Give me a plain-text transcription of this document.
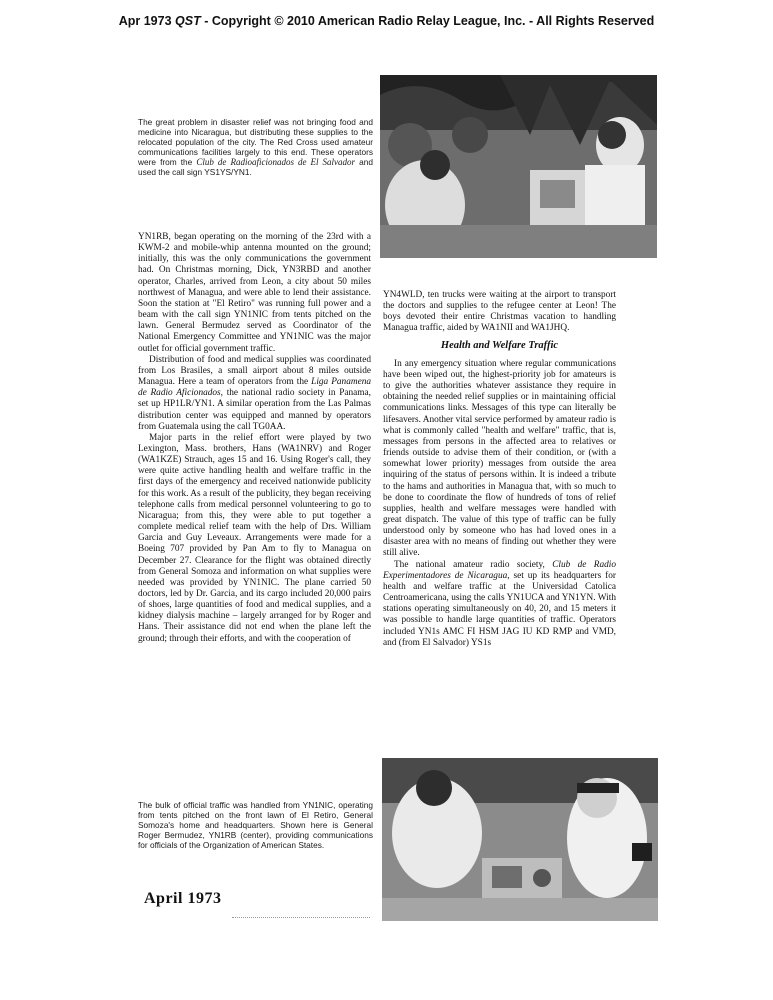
Apr 1973 QST - Copyright © 2010 American Radio Relay League, Inc. - All Rights Reserved

The great problem in disaster relief was not bringing food and medicine into Nicaragua, but distributing these supplies to the relocated population of the city. The Red Cross used amateur communications facilities largely to this end. These operators were from the Club de Radioaficionados de El Salvador and used the call sign YS1YS/YN1.

YN1RB, began operating on the morning of the 23rd with a KWM-2 and mobile-whip antenna mounted on the ground; initially, this was the only communications the government had. On Christmas morning, Dick, YN3RBD and another operator, Charles, arrived from Leon, a city about 50 miles northwest of Managua, and were able to lend their assistance. Soon the station at "El Retiro" was running full power and a beam with the call sign YN1NIC from tents pitched on the lawn. General Bermudez served as Coordinator of the National Emergency Committee and YN1NIC was the major outlet for official government traffic.

Distribution of food and medical supplies was coordinated from Los Brasiles, a small airport about 8 miles outside Managua. Here a team of operators from the Liga Panamena de Radio Aficionados, the national radio society in Panama, set up HP1LR/YN1. A similar operation from the Las Palmas distribution center was equipped and manned by operators from Guatemala using the call TG0AA.

Major parts in the relief effort were played by two Lexington, Mass. brothers, Hans (WA1NRV) and Roger (WA1KZE) Strauch, ages 15 and 16. Using Roger's call, they were quite active handling health and welfare traffic in the first days of the emergency and received nationwide publicity for this work. As a result of the publicity, they began receiving telephone calls from medical personnel volunteering to go to Nicaragua; from this, they were able to put together a complete medical relief team with the help of Drs. William Garcia and Guy Leveaux. Arrangements were made for a Boeing 707 provided by Pan Am to fly to Managua on December 27. Clearance for the flight was obtained directly from General Somoza and information on what supplies were needed was provided by YN1NIC. The plane carried 50 doctors, led by Dr. Garcia, and its cargo included 20,000 pairs of shoes, large quantities of food and medical supplies, and a kidney dialysis machine – largely arranged for by Roger and Hans. Their assistance did not end when the plane left the ground; through their efforts, and with the cooperation of

YN4WLD, ten trucks were waiting at the airport to transport the doctors and supplies to the refugee center at Leon! The boys devoted their entire Christmas vacation to handling Managua traffic, aided by WA1NII and WA1JHQ.

Health and Welfare Traffic

In any emergency situation where regular communications have been wiped out, the highest-priority job for amateurs is to give the authorities whatever assistance they require in obtaining the needed relief supplies or in maintaining official communications links. Messages of this type can literally be lifesavers. Another vital service performed by amateur radio is what is commonly called "health and welfare" traffic, that is, messages from persons in the affected area to relatives or friends outside to advise them of their condition, or (with a somewhat lower priority) messages from outside the area inquiring of the status of persons within. It is indeed a tribute to the hams and authorities in Managua that, with so much to be done to coordinate the flow of hundreds of tons of relief supplies, health and welfare messages were handled with great dispatch. The value of this type of traffic can be fully understood only by someone who has had loved ones in a disaster area with no means of finding out whether they were still alive.

The national amateur radio society, Club de Radio Experimentadores de Nicaragua, set up its headquarters for health and welfare traffic at the Universidad Catolica Centroamericana, using the calls YN1UCA and YN1YN. With stations operating simultaneously on 40, 20, and 15 meters it was possible to handle large quantities of traffic. Operators included YN1s AMC FI HSM JAG IU KD RMP and VMD, and (from El Salvador) YS1s

The bulk of official traffic was handled from YN1NIC, operating from tents pitched on the front lawn of El Retiro, General Somoza's home and headquarters. Shown here is General Roger Bermudez, YN1RB (center), providing communications for officials of the Organization of American States.

April 1973
